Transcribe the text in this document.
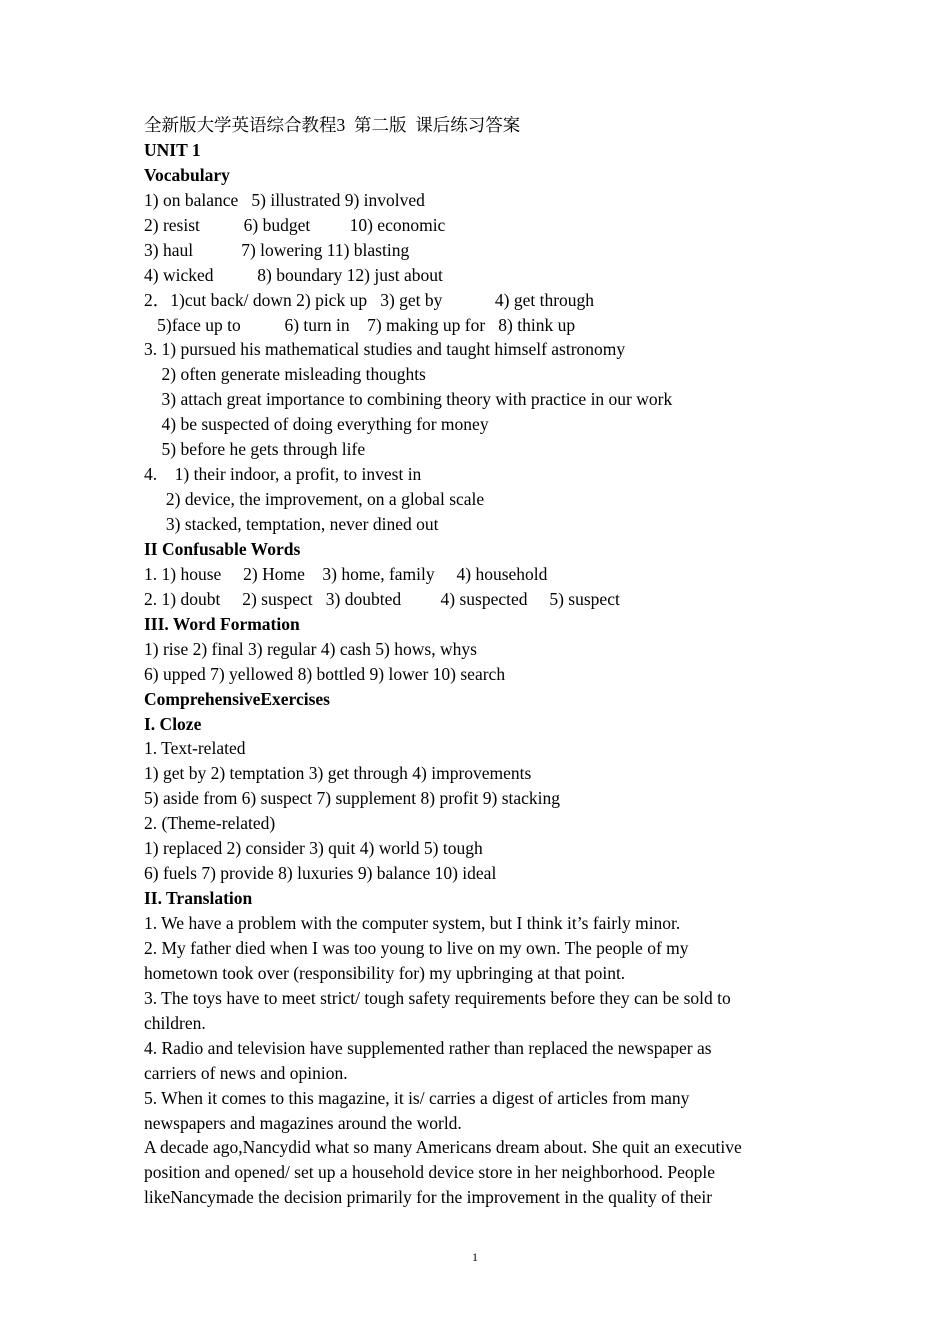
全新版大学英语综合教程3  第二版  课后练习答案
UNIT 1
Vocabulary
1) on balance   5) illustrated 9) involved
2) resist          6) budget         10) economic
3) haul           7) lowering 11) blasting
4) wicked          8) boundary 12) just about
2．1)cut back/ down 2) pick up   3) get by            4) get through
5)face up to          6) turn in    7) making up for   8) think up
3. 1) pursued his mathematical studies and taught himself astronomy
2) often generate misleading thoughts
3) attach great importance to combining theory with practice in our work
4) be suspected of doing everything for money
5) before he gets through life
4.    1) their indoor, a profit, to invest in
2) device, the improvement, on a global scale
3) stacked, temptation, never dined out
II Confusable Words
1. 1) house     2) Home    3) home, family     4) household
2. 1) doubt     2) suspect   3) doubted         4) suspected     5) suspect
III. Word Formation
1) rise 2) final 3) regular 4) cash 5) hows, whys
6) upped 7) yellowed 8) bottled 9) lower 10) search
ComprehensiveExercises
I. Cloze
1. Text-related
1) get by 2) temptation 3) get through 4) improvements
5) aside from 6) suspect 7) supplement 8) profit 9) stacking
2. (Theme-related)
1) replaced 2) consider 3) quit 4) world 5) tough
6) fuels 7) provide 8) luxuries 9) balance 10) ideal
II. Translation
1. We have a problem with the computer system, but I think it’s fairly minor.
2. My father died when I was too young to live on my own. The people of my
hometown took over (responsibility for) my upbringing at that point.
3. The toys have to meet strict/ tough safety requirements before they can be sold to
children.
4. Radio and television have supplemented rather than replaced the newspaper as
carriers of news and opinion.
5. When it comes to this magazine, it is/ carries a digest of articles from many
newspapers and magazines around the world.
A decade ago,Nancydid what so many Americans dream about. She quit an executive
position and opened/ set up a household device store in her neighborhood. People
likeNancymade the decision primarily for the improvement in the quality of their
1
